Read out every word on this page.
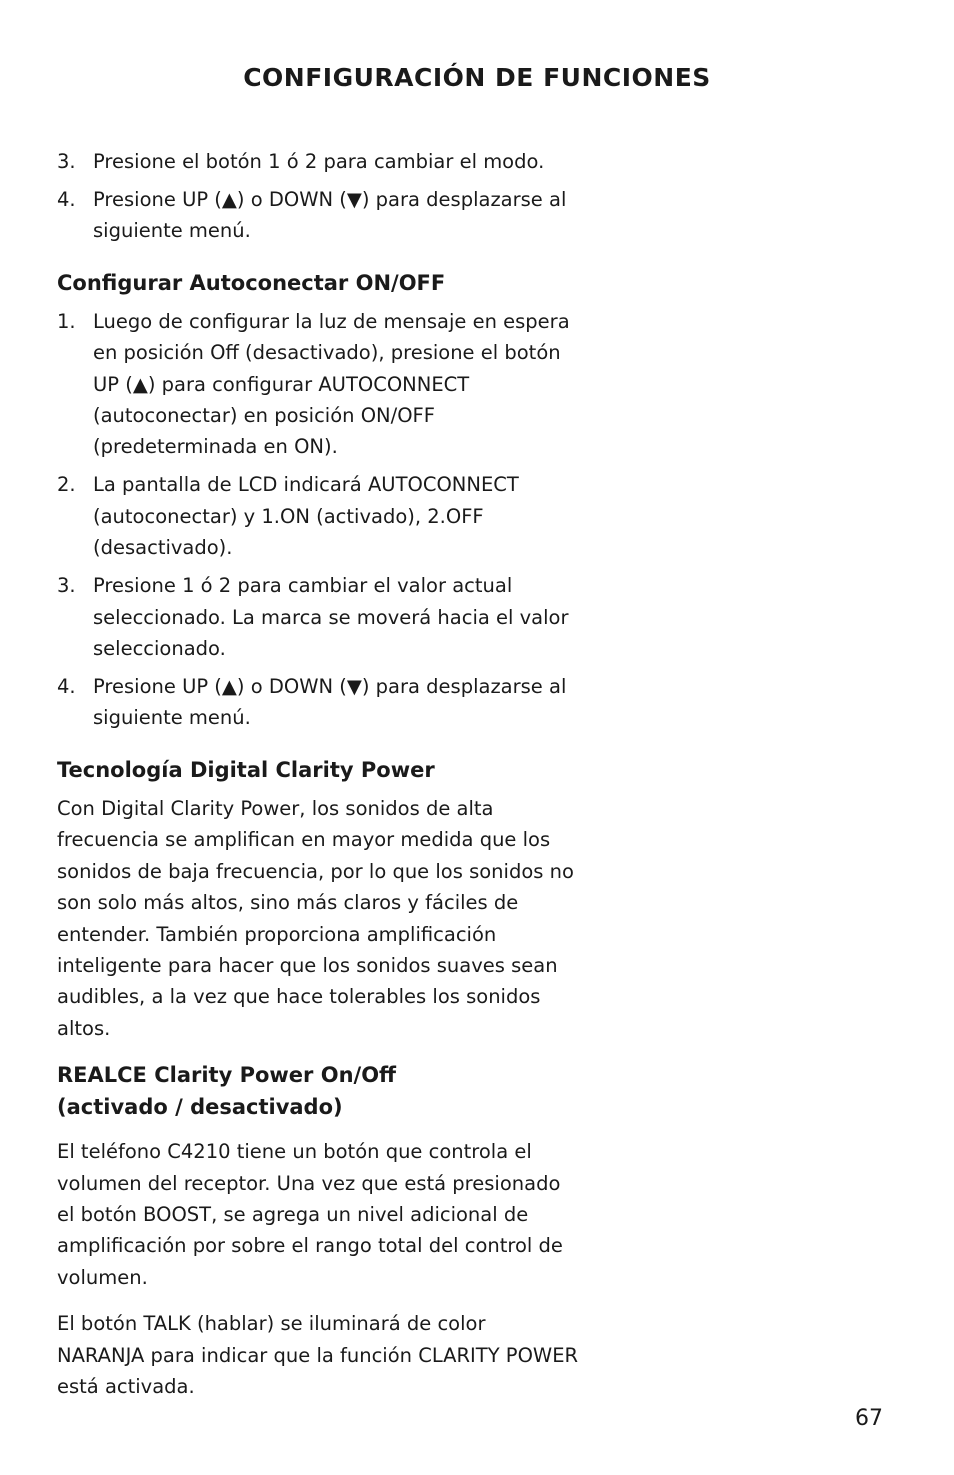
CONFIGURACIÓN DE FUNCIONES
3. Presione el botón 1 ó 2 para cambiar el modo.
4. Presione UP (▲) o DOWN (▼) para desplazarse al siguiente menú.
Configurar Autoconectar ON/OFF
1. Luego de configurar la luz de mensaje en espera en posición Off (desactivado), presione el botón UP (▲) para configurar AUTOCONNECT (autoconectar) en posición ON/OFF (predeterminada en ON).
2. La pantalla de LCD indicará AUTOCONNECT (autoconectar) y 1.ON (activado), 2.OFF (desactivado).
3. Presione 1 ó 2 para cambiar el valor actual seleccionado. La marca se moverá hacia el valor seleccionado.
4. Presione UP (▲) o DOWN (▼) para desplazarse al siguiente menú.
Tecnología Digital Clarity Power

Con Digital Clarity Power, los sonidos de alta frecuencia se amplifican en mayor medida que los sonidos de baja frecuencia, por lo que los sonidos no son solo más altos, sino más claros y fáciles de entender. También proporciona amplificación inteligente para hacer que los sonidos suaves sean audibles, a la vez que hace tolerables los sonidos altos.

REALCE Clarity Power On/Off
(activado / desactivado)

El teléfono C4210 tiene un botón que controla el volumen del receptor. Una vez que está presionado el botón BOOST, se agrega un nivel adicional de amplificación por sobre el rango total del control de volumen.

El botón TALK (hablar) se iluminará de color NARANJA para indicar que la función CLARITY POWER está activada.

67
